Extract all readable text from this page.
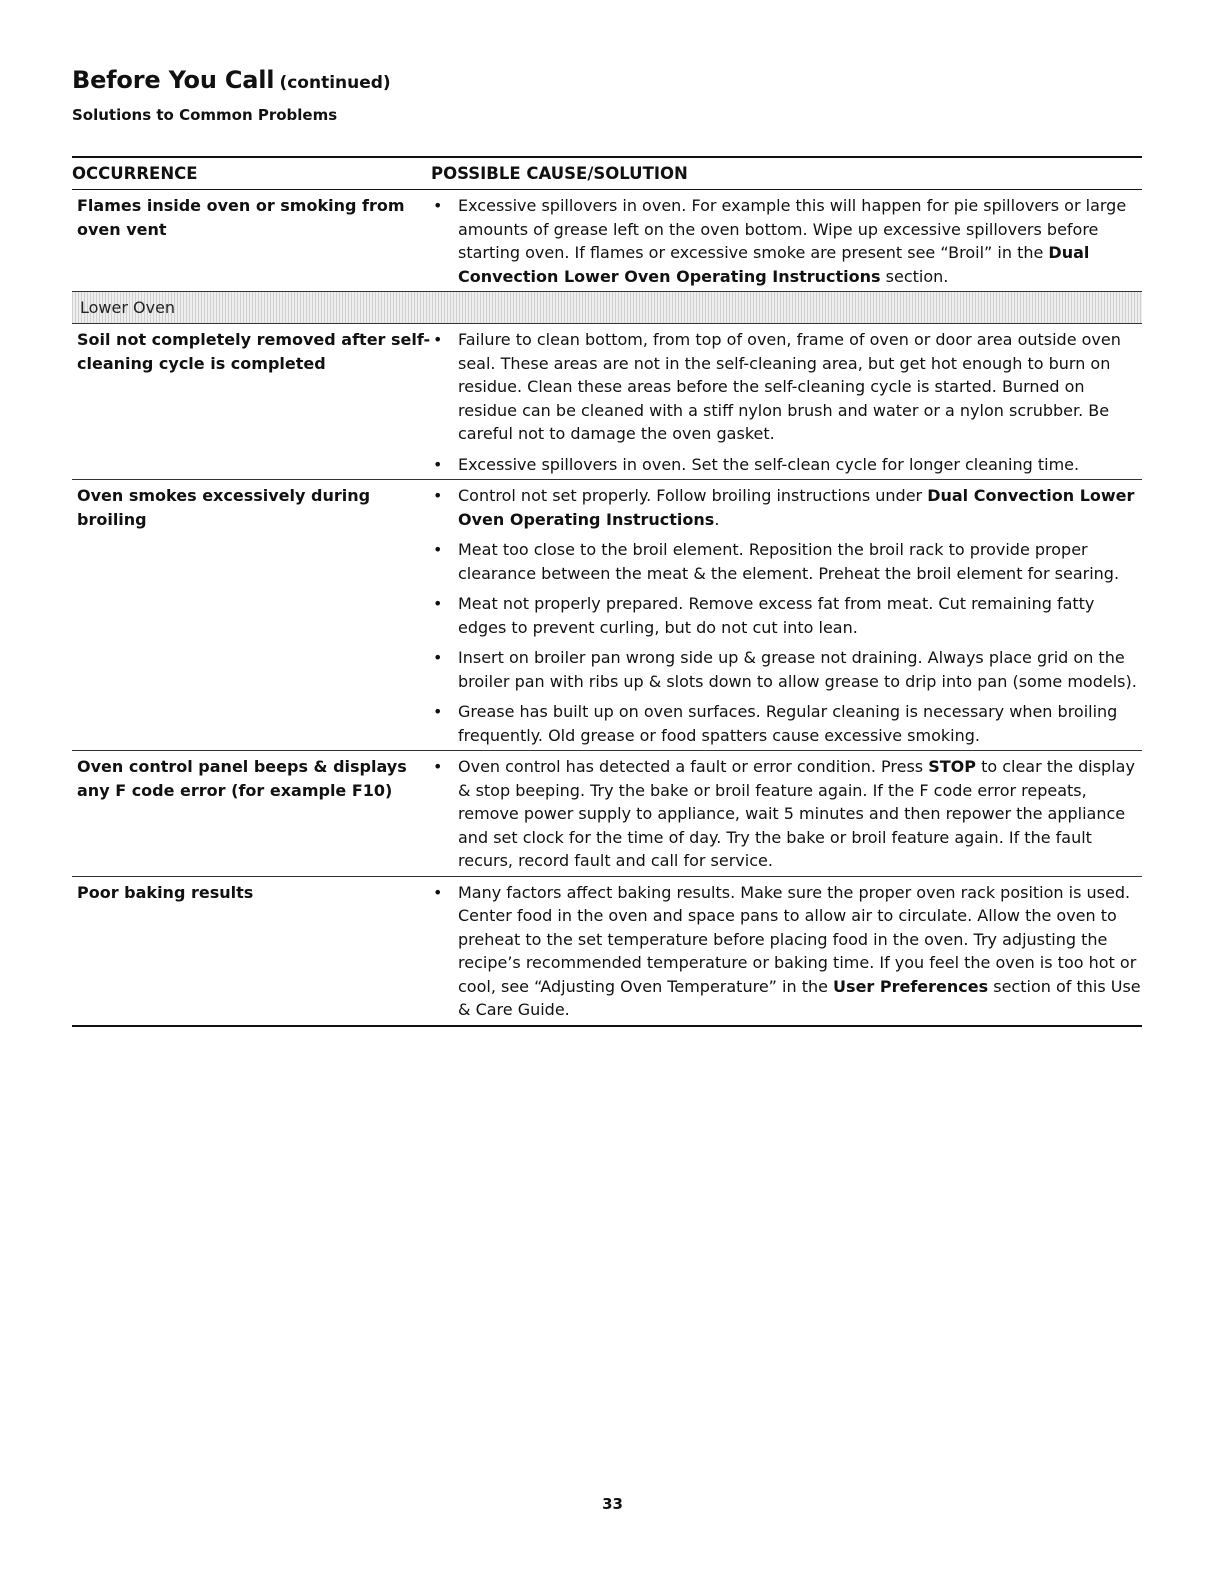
Before You Call (continued)
Solutions to Common Problems
OCCURRENCE	POSSIBLE CAUSE/SOLUTION
Flames inside oven or smoking from oven vent
• Excessive spillovers in oven. For example this will happen for pie spillovers or large amounts of grease left on the oven bottom. Wipe up excessive spillovers before starting oven. If flames or excessive smoke are present see “Broil” in the Dual Convection Lower Oven Operating Instructions section.
Lower Oven
Soil not completely removed after self-cleaning cycle is completed
• Failure to clean bottom, from top of oven, frame of oven or door area outside oven seal. These areas are not in the self-cleaning area, but get hot enough to burn on residue. Clean these areas before the self-cleaning cycle is started. Burned on residue can be cleaned with a stiff nylon brush and water or a nylon scrubber. Be careful not to damage the oven gasket.
• Excessive spillovers in oven. Set the self-clean cycle for longer cleaning time.
Oven smokes excessively during broiling
• Control not set properly. Follow broiling instructions under Dual Convection Lower Oven Operating Instructions.
• Meat too close to the broil element. Reposition the broil rack to provide proper clearance between the meat & the element. Preheat the broil element for searing.
• Meat not properly prepared. Remove excess fat from meat. Cut remaining fatty edges to prevent curling, but do not cut into lean.
• Insert on broiler pan wrong side up & grease not draining. Always place grid on the broiler pan with ribs up & slots down to allow grease to drip into pan (some models).
• Grease has built up on oven surfaces. Regular cleaning is necessary when broiling frequently. Old grease or food spatters cause excessive smoking.
Oven control panel beeps & displays any F code error (for example F10)
• Oven control has detected a fault or error condition. Press STOP to clear the display & stop beeping. Try the bake or broil feature again. If the F code error repeats, remove power supply to appliance, wait 5 minutes and then repower the appliance and set clock for the time of day. Try the bake or broil feature again. If the fault recurs, record fault and call for service.
Poor baking results	• Many factors affect baking results. Make sure the proper oven rack position is used. Center food in the oven and space pans to allow air to circulate. Allow the oven to preheat to the set temperature before placing food in the oven. Try adjusting the recipe’s recommended temperature or baking time. If you feel the oven is too hot or cool, see “Adjusting Oven Temperature” in the User Preferences section of this Use & Care Guide.
33
